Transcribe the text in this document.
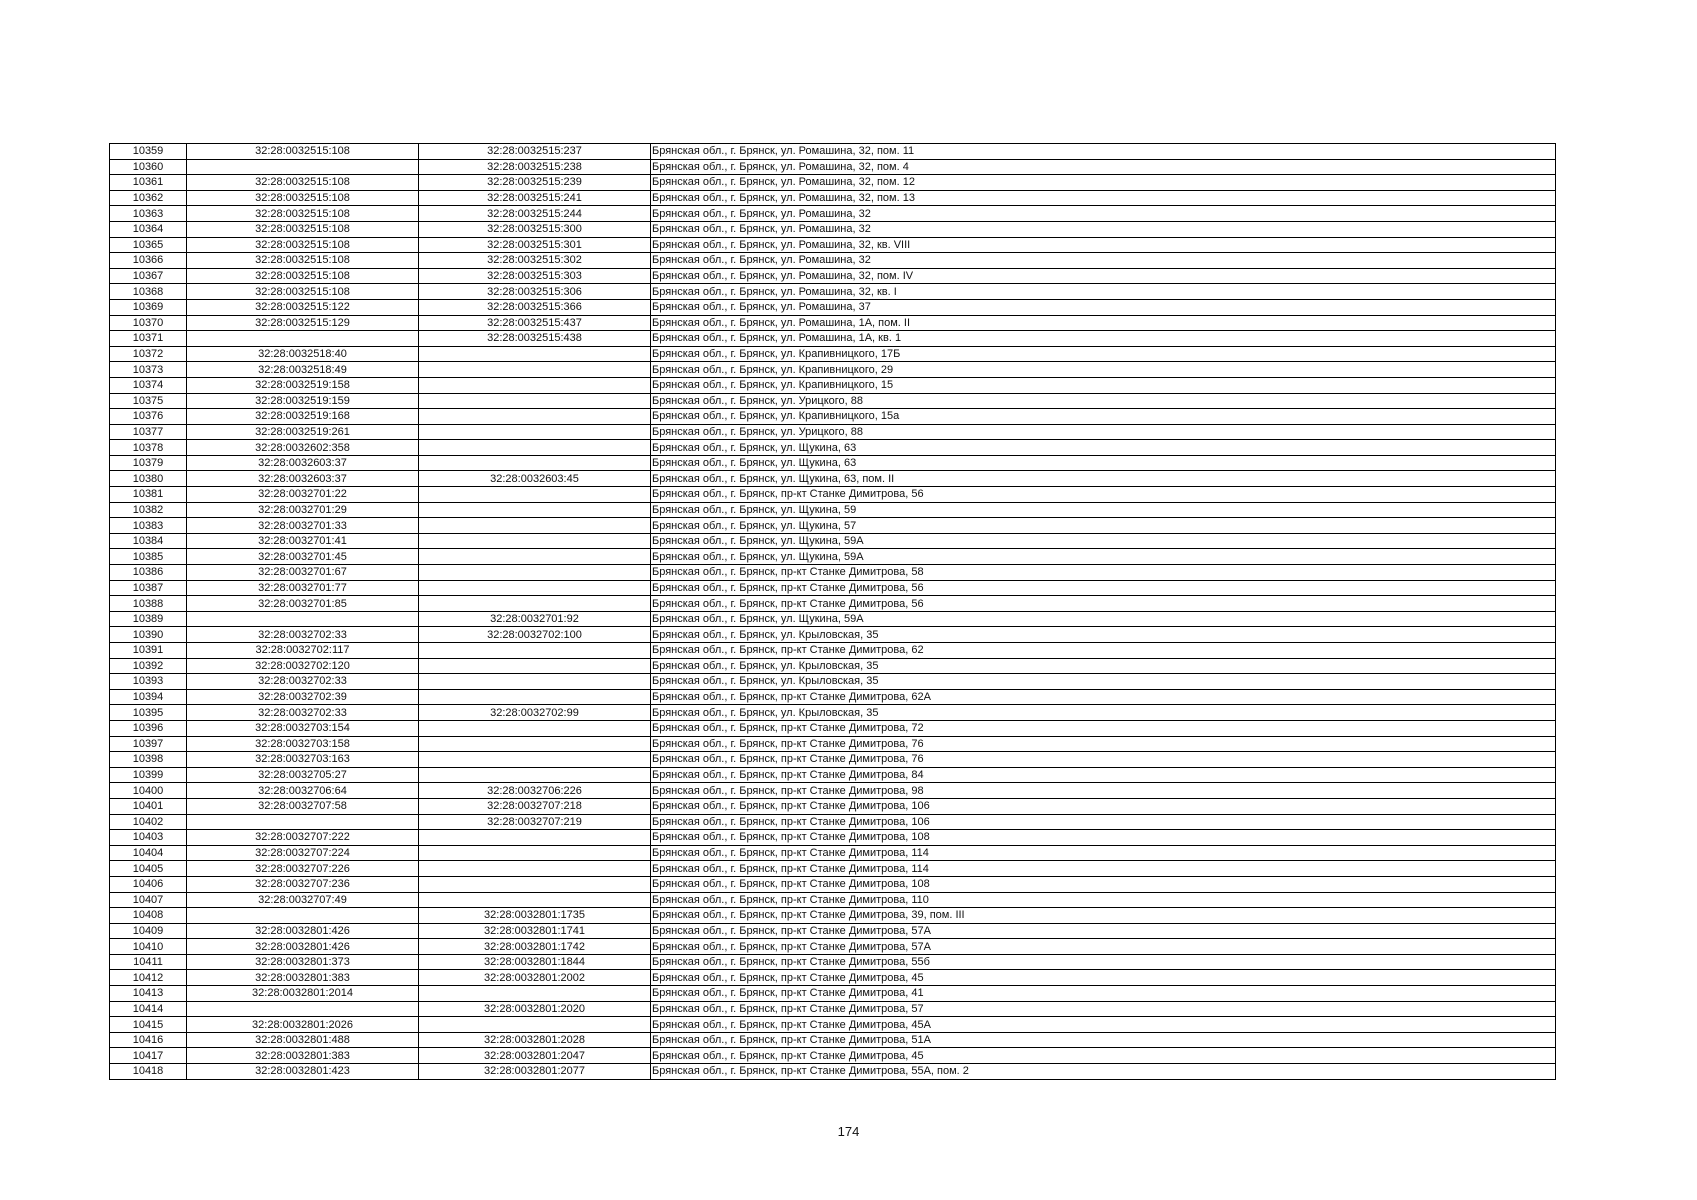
10359	32:28:0032515:108	32:28:0032515:237	Брянская обл., г. Брянск, ул. Ромашина, 32, пом. 11
10360		32:28:0032515:238	Брянская обл., г. Брянск, ул. Ромашина, 32, пом. 4
10361	32:28:0032515:108	32:28:0032515:239	Брянская обл., г. Брянск, ул. Ромашина, 32, пом. 12
10362	32:28:0032515:108	32:28:0032515:241	Брянская обл., г. Брянск, ул. Ромашина, 32, пом. 13
10363	32:28:0032515:108	32:28:0032515:244	Брянская обл., г. Брянск, ул. Ромашина, 32
10364	32:28:0032515:108	32:28:0032515:300	Брянская обл., г. Брянск, ул. Ромашина, 32
10365	32:28:0032515:108	32:28:0032515:301	Брянская обл., г. Брянск, ул. Ромашина, 32, кв. VIII
10366	32:28:0032515:108	32:28:0032515:302	Брянская обл., г. Брянск, ул. Ромашина, 32
10367	32:28:0032515:108	32:28:0032515:303	Брянская обл., г. Брянск, ул. Ромашина, 32, пом. IV
10368	32:28:0032515:108	32:28:0032515:306	Брянская обл., г. Брянск, ул. Ромашина, 32, кв. I
10369	32:28:0032515:122	32:28:0032515:366	Брянская обл., г. Брянск, ул. Ромашина, 37
10370	32:28:0032515:129	32:28:0032515:437	Брянская обл., г. Брянск, ул. Ромашина, 1А, пом. II
10371		32:28:0032515:438	Брянская обл., г. Брянск, ул. Ромашина, 1А, кв. 1
10372	32:28:0032518:40		Брянская обл., г. Брянск, ул. Крапивницкого, 17Б
10373	32:28:0032518:49		Брянская обл., г. Брянск, ул. Крапивницкого, 29
10374	32:28:0032519:158		Брянская обл., г. Брянск, ул. Крапивницкого, 15
10375	32:28:0032519:159		Брянская обл., г. Брянск, ул. Урицкого, 88
10376	32:28:0032519:168		Брянская обл., г. Брянск, ул. Крапивницкого, 15а
10377	32:28:0032519:261		Брянская обл., г. Брянск, ул. Урицкого, 88
10378	32:28:0032602:358		Брянская обл., г. Брянск, ул. Щукина, 63
10379	32:28:0032603:37		Брянская обл., г. Брянск, ул. Щукина, 63
10380	32:28:0032603:37	32:28:0032603:45	Брянская обл., г. Брянск, ул. Щукина, 63, пом. II
10381	32:28:0032701:22		Брянская обл., г. Брянск, пр-кт Станке Димитрова, 56
10382	32:28:0032701:29		Брянская обл., г. Брянск, ул. Щукина, 59
10383	32:28:0032701:33		Брянская обл., г. Брянск, ул. Щукина, 57
10384	32:28:0032701:41		Брянская обл., г. Брянск, ул. Щукина, 59А
10385	32:28:0032701:45		Брянская обл., г. Брянск, ул. Щукина, 59А
10386	32:28:0032701:67		Брянская обл., г. Брянск, пр-кт Станке Димитрова, 58
10387	32:28:0032701:77		Брянская обл., г. Брянск, пр-кт Станке Димитрова, 56
10388	32:28:0032701:85		Брянская обл., г. Брянск, пр-кт Станке Димитрова, 56
10389		32:28:0032701:92	Брянская обл., г. Брянск, ул. Щукина, 59А
10390	32:28:0032702:33	32:28:0032702:100	Брянская обл., г. Брянск, ул. Крыловская, 35
10391	32:28:0032702:117		Брянская обл., г. Брянск, пр-кт Станке Димитрова, 62
10392	32:28:0032702:120		Брянская обл., г. Брянск, ул. Крыловская, 35
10393	32:28:0032702:33		Брянская обл., г. Брянск, ул. Крыловская, 35
10394	32:28:0032702:39		Брянская обл., г. Брянск, пр-кт Станке Димитрова, 62А
10395	32:28:0032702:33	32:28:0032702:99	Брянская обл., г. Брянск, ул. Крыловская, 35
10396	32:28:0032703:154		Брянская обл., г. Брянск, пр-кт Станке Димитрова, 72
10397	32:28:0032703:158		Брянская обл., г. Брянск, пр-кт Станке Димитрова, 76
10398	32:28:0032703:163		Брянская обл., г. Брянск, пр-кт Станке Димитрова, 76
10399	32:28:0032705:27		Брянская обл., г. Брянск, пр-кт Станке Димитрова, 84
10400	32:28:0032706:64	32:28:0032706:226	Брянская обл., г. Брянск, пр-кт Станке Димитрова, 98
10401	32:28:0032707:58	32:28:0032707:218	Брянская обл., г. Брянск, пр-кт Станке Димитрова, 106
10402		32:28:0032707:219	Брянская обл., г. Брянск, пр-кт Станке Димитрова, 106
10403	32:28:0032707:222		Брянская обл., г. Брянск, пр-кт Станке Димитрова, 108
10404	32:28:0032707:224		Брянская обл., г. Брянск, пр-кт Станке Димитрова, 114
10405	32:28:0032707:226		Брянская обл., г. Брянск, пр-кт Станке Димитрова, 114
10406	32:28:0032707:236		Брянская обл., г. Брянск, пр-кт Станке Димитрова, 108
10407	32:28:0032707:49		Брянская обл., г. Брянск, пр-кт Станке Димитрова, 110
10408		32:28:0032801:1735	Брянская обл., г. Брянск, пр-кт Станке Димитрова, 39, пом. III
10409	32:28:0032801:426	32:28:0032801:1741	Брянская обл., г. Брянск, пр-кт Станке Димитрова, 57А
10410	32:28:0032801:426	32:28:0032801:1742	Брянская обл., г. Брянск, пр-кт Станке Димитрова, 57А
10411	32:28:0032801:373	32:28:0032801:1844	Брянская обл., г. Брянск, пр-кт Станке Димитрова, 55б
10412	32:28:0032801:383	32:28:0032801:2002	Брянская обл., г. Брянск, пр-кт Станке Димитрова, 45
10413	32:28:0032801:2014		Брянская обл., г. Брянск, пр-кт Станке Димитрова, 41
10414		32:28:0032801:2020	Брянская обл., г. Брянск, пр-кт Станке Димитрова, 57
10415	32:28:0032801:2026		Брянская обл., г. Брянск, пр-кт Станке Димитрова, 45А
10416	32:28:0032801:488	32:28:0032801:2028	Брянская обл., г. Брянск, пр-кт Станке Димитрова, 51А
10417	32:28:0032801:383	32:28:0032801:2047	Брянская обл., г. Брянск, пр-кт Станке Димитрова, 45
10418	32:28:0032801:423	32:28:0032801:2077	Брянская обл., г. Брянск, пр-кт Станке Димитрова, 55А, пом. 2
174
